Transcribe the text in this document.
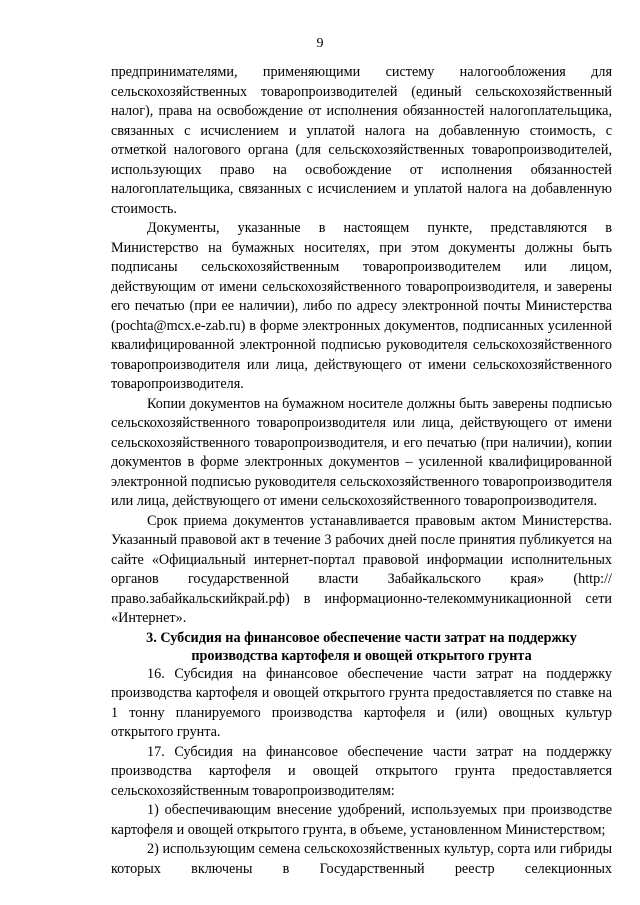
9

предпринимателями, применяющими систему налогообложения для сельскохозяйственных товаропроизводителей (единый сельскохозяйственный налог), права на освобождение от исполнения обязанностей налогоплательщика, связанных с исчислением и уплатой налога на добавленную стоимость, с отметкой налогового органа (для сельскохозяйственных товаропроизводителей, использующих право на освобождение от исполнения обязанностей налогоплательщика, связанных с исчислением и уплатой налога на добавленную стоимость.

Документы, указанные в настоящем пункте, представляются в Министерство на бумажных носителях, при этом документы должны быть подписаны сельскохозяйственным товаропроизводителем или лицом, действующим от имени сельскохозяйственного товаропроизводителя, и заверены его печатью (при ее наличии), либо по адресу электронной почты Министерства (pochta@mcx.e-zab.ru) в форме электронных документов, подписанных усиленной квалифицированной электронной подписью руководителя сельскохозяйственного товаропроизводителя или лица, действующего от имени сельскохозяйственного товаропроизводителя.

Копии документов на бумажном носителе должны быть заверены подписью сельскохозяйственного товаропроизводителя или лица, действующего от имени сельскохозяйственного товаропроизводителя, и его печатью (при наличии), копии документов в форме электронных документов – усиленной квалифицированной электронной подписью руководителя сельскохозяйственного товаропроизводителя или лица, действующего от имени сельскохозяйственного товаропроизводителя.

Срок приема документов устанавливается правовым актом Министерства. Указанный правовой акт в течение 3 рабочих дней после принятия публикуется на сайте «Официальный интернет-портал правовой информации исполнительных органов государственной власти Забайкальского края» (http://право.забайкальскийкрай.рф) в информационно-телекоммуникационной сети «Интернет».

3. Субсидия на финансовое обеспечение части затрат на поддержку производства картофеля и овощей открытого грунта

16. Субсидия на финансовое обеспечение части затрат на поддержку производства картофеля и овощей открытого грунта предоставляется по ставке на 1 тонну планируемого производства картофеля и (или) овощных культур открытого грунта.

17. Субсидия на финансовое обеспечение части затрат на поддержку производства картофеля и овощей открытого грунта предоставляется сельскохозяйственным товаропроизводителям:

1) обеспечивающим внесение удобрений, используемых при производстве картофеля и овощей открытого грунта, в объеме, установленном Министерством;

2) использующим семена сельскохозяйственных культур, сорта или гибриды которых включены в Государственный реестр селекционных
